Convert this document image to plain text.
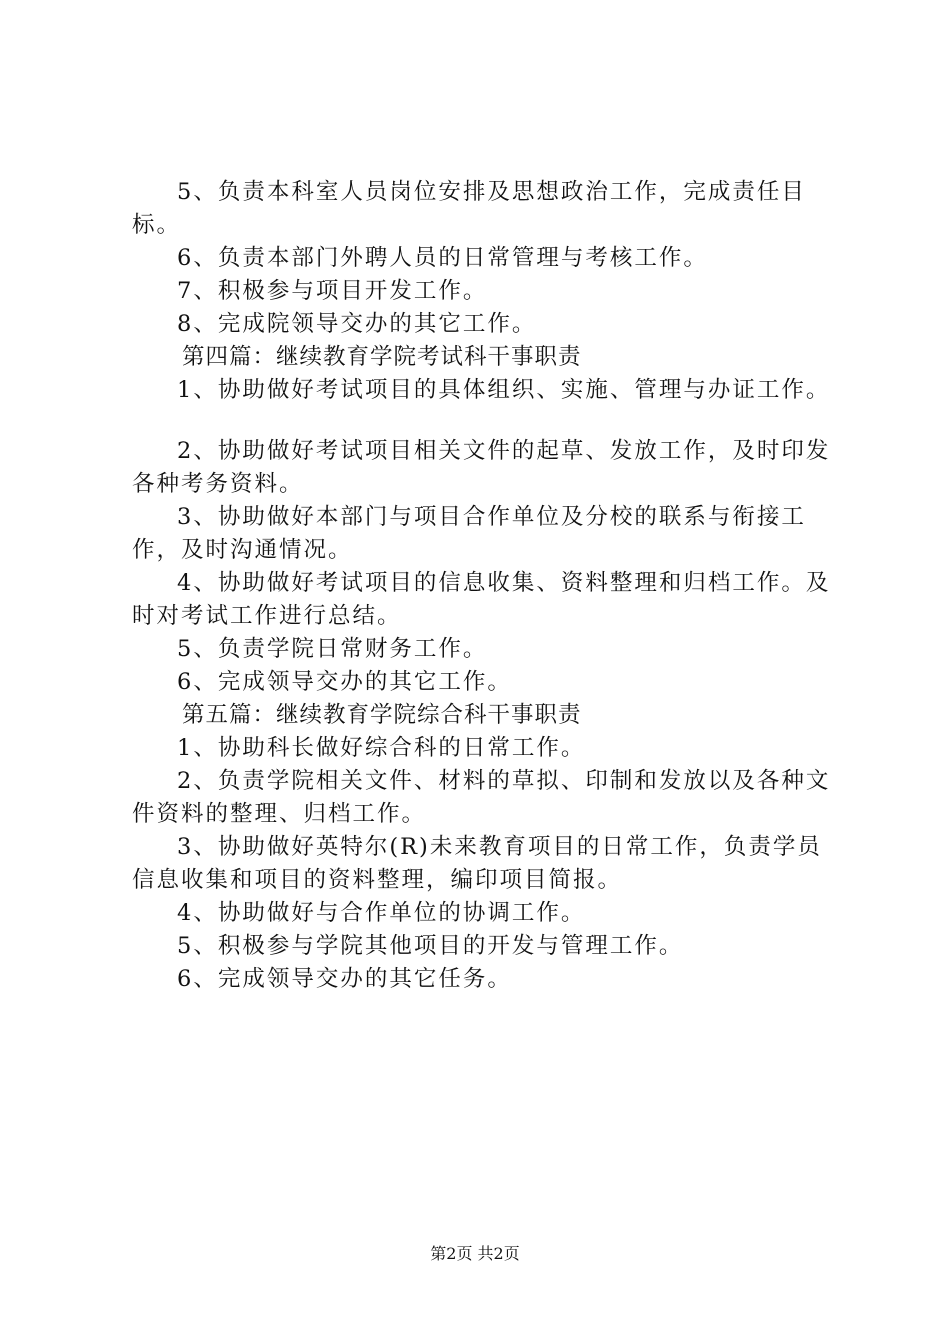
5、负责本科室人员岗位安排及思想政治工作，完成责任目标。

6、负责本部门外聘人员的日常管理与考核工作。

7、积极参与项目开发工作。

8、完成院领导交办的其它工作。

第四篇：继续教育学院考试科干事职责

1、协助做好考试项目的具体组织、实施、管理与办证工作。

2、协助做好考试项目相关文件的起草、发放工作，及时印发各种考务资料。

3、协助做好本部门与项目合作单位及分校的联系与衔接工作，及时沟通情况。

4、协助做好考试项目的信息收集、资料整理和归档工作。及时对考试工作进行总结。

5、负责学院日常财务工作。

6、完成领导交办的其它工作。

第五篇：继续教育学院综合科干事职责

1、协助科长做好综合科的日常工作。

2、负责学院相关文件、材料的草拟、印制和发放以及各种文件资料的整理、归档工作。

3、协助做好英特尔(R)未来教育项目的日常工作，负责学员信息收集和项目的资料整理，编印项目简报。

4、协助做好与合作单位的协调工作。

5、积极参与学院其他项目的开发与管理工作。

6、完成领导交办的其它任务。

第2页 共2页
